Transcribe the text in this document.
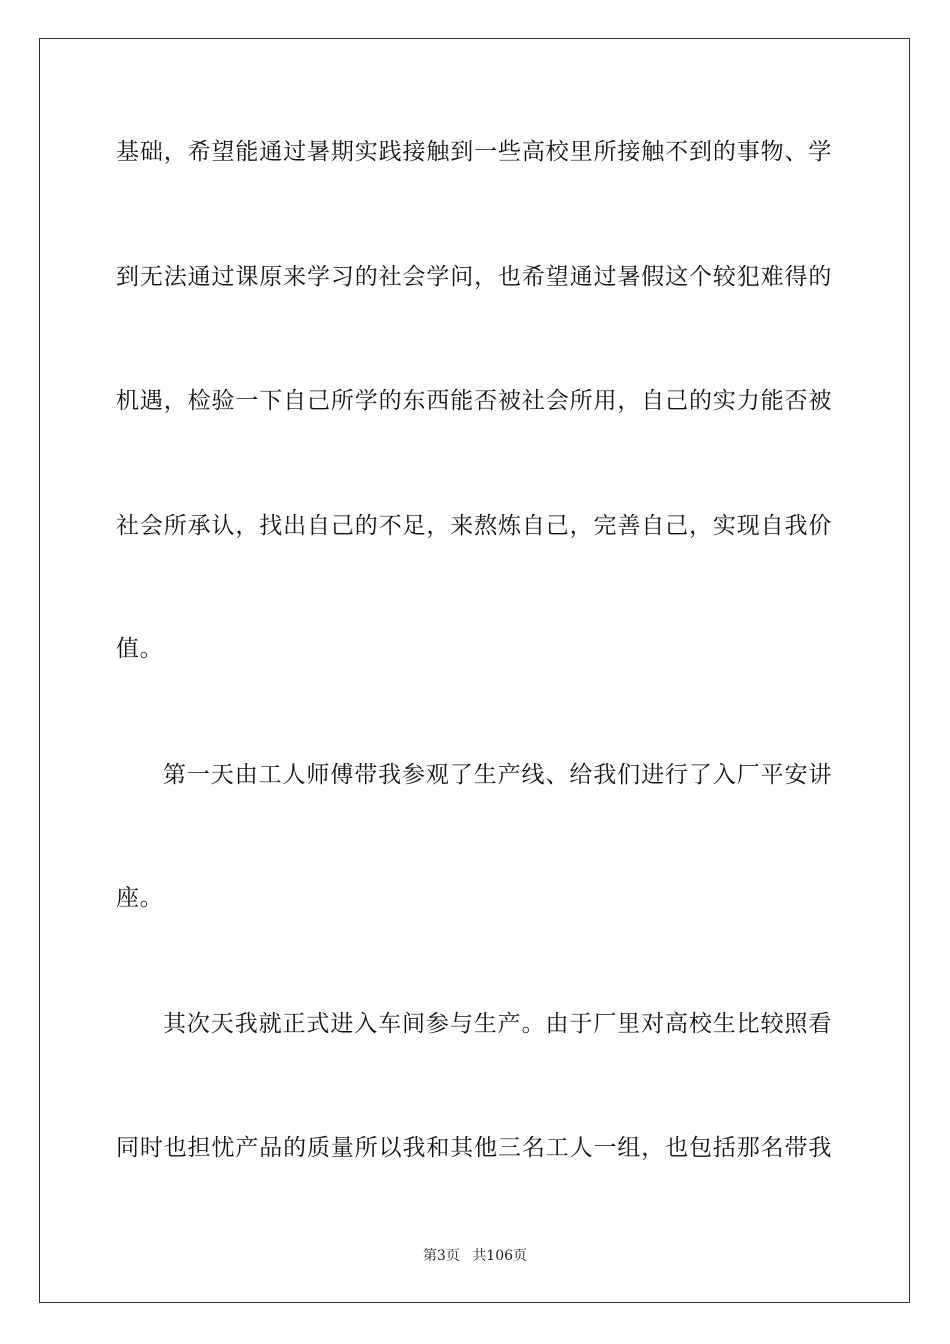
基础，希望能通过暑期实践接触到一些高校里所接触不到的事物、学
到无法通过课原来学习的社会学问，也希望通过暑假这个较犯难得的
机遇，检验一下自己所学的东西能否被社会所用，自己的实力能否被
社会所承认，找出自己的不足，来熬炼自己，完善自己，实现自我价
值。
第一天由工人师傅带我参观了生产线、给我们进行了入厂平安讲
座。
其次天我就正式进入车间参与生产。由于厂里对高校生比较照看
同时也担忧产品的质量所以我和其他三名工人一组，也包括那名带我
第3页 共106页
